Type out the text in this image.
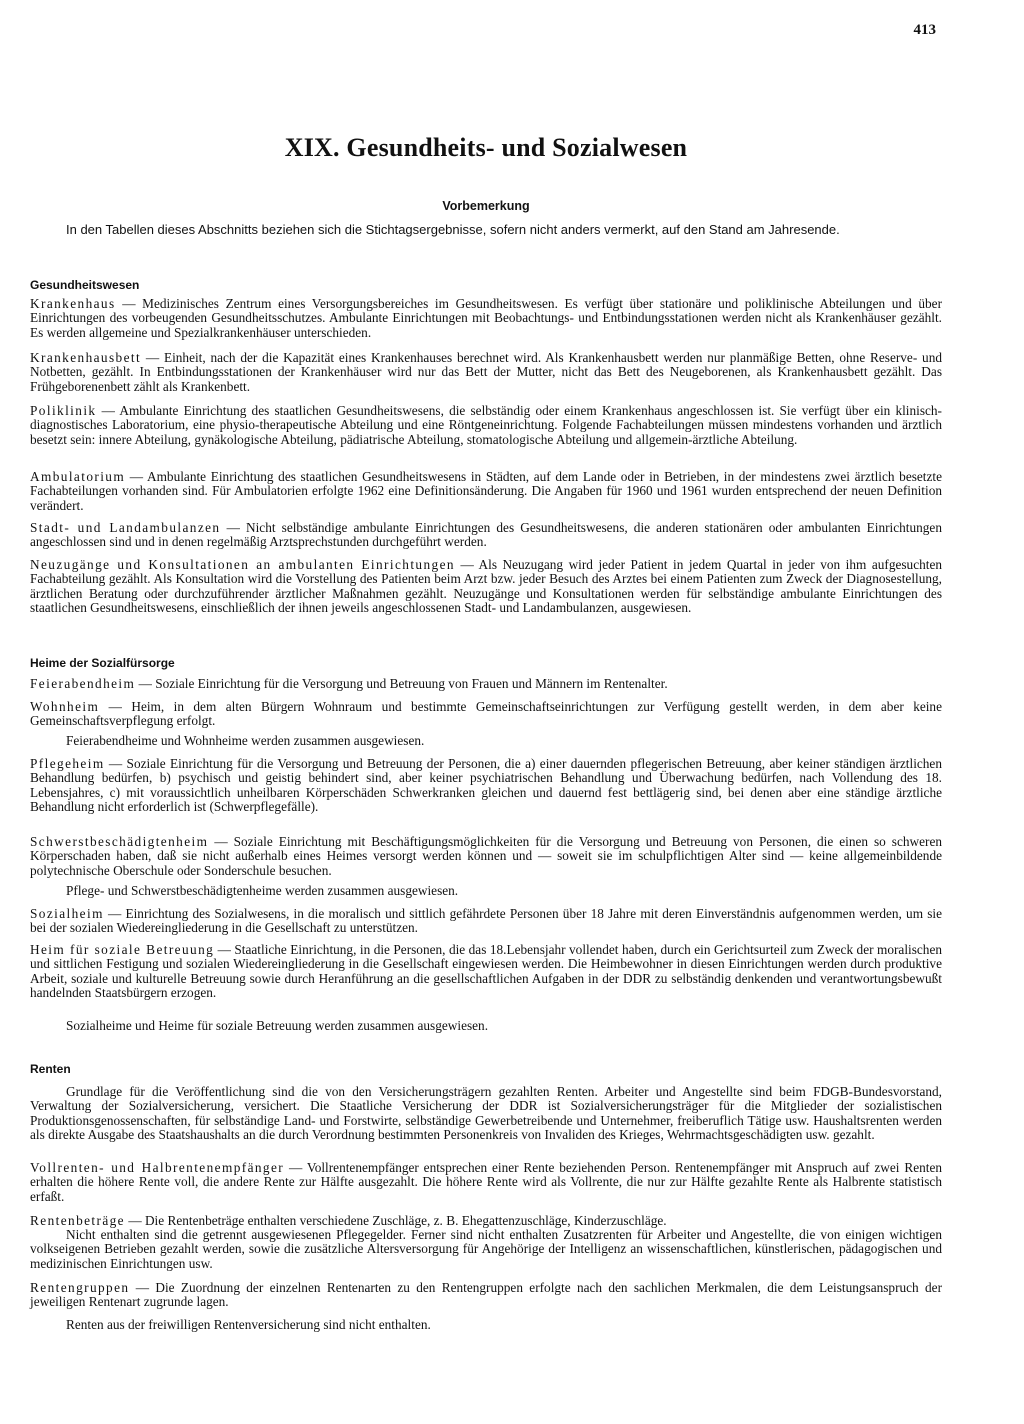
413
XIX. Gesundheits- und Sozialwesen
Vorbemerkung
In den Tabellen dieses Abschnitts beziehen sich die Stichtagsergebnisse, sofern nicht anders vermerkt, auf den Stand am Jahresende.
Gesundheitswesen
Krankenhaus — Medizinisches Zentrum eines Versorgungsbereiches im Gesundheitswesen. Es verfügt über stationäre und poliklinische Abteilungen und über Einrichtungen des vorbeugenden Gesundheitsschutzes. Ambulante Einrichtungen mit Beobachtungs- und Entbindungsstationen werden nicht als Krankenhäuser gezählt. Es werden allgemeine und Spezialkrankenhäuser unterschieden.
Krankenhausbett — Einheit, nach der die Kapazität eines Krankenhauses berechnet wird. Als Krankenhausbett werden nur planmäßige Betten, ohne Reserve- und Notbetten, gezählt. In Entbindungsstationen der Krankenhäuser wird nur das Bett der Mutter, nicht das Bett des Neugeborenen, als Krankenhausbett gezählt. Das Frühgeborenenbett zählt als Krankenbett.
Poliklinik — Ambulante Einrichtung des staatlichen Gesundheitswesens, die selbständig oder einem Krankenhaus angeschlossen ist. Sie verfügt über ein klinisch-diagnostisches Laboratorium, eine physio-therapeutische Abteilung und eine Röntgeneinrichtung. Folgende Fachabteilungen müssen mindestens vorhanden und ärztlich besetzt sein: innere Abteilung, gynäkologische Abteilung, pädiatrische Abteilung, stomatologische Abteilung und allgemein-ärztliche Abteilung.
Ambulatorium — Ambulante Einrichtung des staatlichen Gesundheitswesens in Städten, auf dem Lande oder in Betrieben, in der mindestens zwei ärztlich besetzte Fachabteilungen vorhanden sind. Für Ambulatorien erfolgte 1962 eine Definitionsänderung. Die Angaben für 1960 und 1961 wurden entsprechend der neuen Definition verändert.
Stadt- und Landambulanzen — Nicht selbständige ambulante Einrichtungen des Gesundheitswesens, die anderen stationären oder ambulanten Einrichtungen angeschlossen sind und in denen regelmäßig Arztsprechstunden durchgeführt werden.
Neuzugänge und Konsultationen an ambulanten Einrichtungen — Als Neuzugang wird jeder Patient in jedem Quartal in jeder von ihm aufgesuchten Fachabteilung gezählt. Als Konsultation wird die Vorstellung des Patienten beim Arzt bzw. jeder Besuch des Arztes bei einem Patienten zum Zweck der Diagnosestellung, ärztlichen Beratung oder durchzuführender ärztlicher Maßnahmen gezählt. Neuzugänge und Konsultationen werden für selbständige ambulante Einrichtungen des staatlichen Gesundheitswesens, einschließlich der ihnen jeweils angeschlossenen Stadt- und Landambulanzen, ausgewiesen.
Heime der Sozialfürsorge
Feierabendheim — Soziale Einrichtung für die Versorgung und Betreuung von Frauen und Männern im Rentenalter.
Wohnheim — Heim, in dem alten Bürgern Wohnraum und bestimmte Gemeinschaftseinrichtungen zur Verfügung gestellt werden, in dem aber keine Gemeinschaftsverpflegung erfolgt.
Feierabendheime und Wohnheime werden zusammen ausgewiesen.
Pflegeheim — Soziale Einrichtung für die Versorgung und Betreuung der Personen, die a) einer dauernden pflegerischen Betreuung, aber keiner ständigen ärztlichen Behandlung bedürfen, b) psychisch und geistig behindert sind, aber keiner psychiatrischen Behandlung und Überwachung bedürfen, nach Vollendung des 18. Lebensjahres, c) mit voraussichtlich unheilbaren Körperschäden Schwerkranken gleichen und dauernd fest bettlägerig sind, bei denen aber eine ständige ärztliche Behandlung nicht erforderlich ist (Schwerpflegefälle).
Schwerstbeschädigtenheim — Soziale Einrichtung mit Beschäftigungsmöglichkeiten für die Versorgung und Betreuung von Personen, die einen so schweren Körperschaden haben, daß sie nicht außerhalb eines Heimes versorgt werden können und — soweit sie im schulpflichtigen Alter sind — keine allgemeinbildende polytechnische Oberschule oder Sonderschule besuchen.
Pflege- und Schwerstbeschädigtenheime werden zusammen ausgewiesen.
Sozialheim — Einrichtung des Sozialwesens, in die moralisch und sittlich gefährdete Personen über 18 Jahre mit deren Einverständnis aufgenommen werden, um sie bei der sozialen Wiedereingliederung in die Gesellschaft zu unterstützen.
Heim für soziale Betreuung — Staatliche Einrichtung, in die Personen, die das 18.Lebensjahr vollendet haben, durch ein Gerichtsurteil zum Zweck der moralischen und sittlichen Festigung und sozialen Wiedereingliederung in die Gesellschaft eingewiesen werden. Die Heimbewohner in diesen Einrichtungen werden durch produktive Arbeit, soziale und kulturelle Betreuung sowie durch Heranführung an die gesellschaftlichen Aufgaben in der DDR zu selbständig denkenden und verantwortungsbewußt handelnden Staatsbürgern erzogen.
Sozialheime und Heime für soziale Betreuung werden zusammen ausgewiesen.
Renten
Grundlage für die Veröffentlichung sind die von den Versicherungsträgern gezahlten Renten. Arbeiter und Angestellte sind beim FDGB-Bundesvorstand, Verwaltung der Sozialversicherung, versichert. Die Staatliche Versicherung der DDR ist Sozialversicherungsträger für die Mitglieder der sozialistischen Produktionsgenossenschaften, für selbständige Land- und Forstwirte, selbständige Gewerbetreibende und Unternehmer, freiberuflich Tätige usw. Haushaltsrenten werden als direkte Ausgabe des Staatshaushalts an die durch Verordnung bestimmten Personenkreis von Invaliden des Krieges, Wehrmachtsgeschädigten usw. gezahlt.
Vollrenten- und Halbrentenempfänger — Vollrentenempfänger entsprechen einer Rente beziehenden Person. Rentenempfänger mit Anspruch auf zwei Renten erhalten die höhere Rente voll, die andere Rente zur Hälfte ausgezahlt. Die höhere Rente wird als Vollrente, die nur zur Hälfte gezahlte Rente als Halbrente statistisch erfaßt.
Rentenbeträge — Die Rentenbeträge enthalten verschiedene Zuschläge, z. B. Ehegattenzuschläge, Kinderzuschläge.
Nicht enthalten sind die getrennt ausgewiesenen Pflegegelder. Ferner sind nicht enthalten Zusatzrenten für Arbeiter und Angestellte, die von einigen wichtigen volkseigenen Betrieben gezahlt werden, sowie die zusätzliche Altersversorgung für Angehörige der Intelligenz an wissenschaftlichen, künstlerischen, pädagogischen und medizinischen Einrichtungen usw.
Rentengruppen — Die Zuordnung der einzelnen Rentenarten zu den Rentengruppen erfolgte nach den sachlichen Merkmalen, die dem Leistungsanspruch der jeweiligen Rentenart zugrunde lagen.
Renten aus der freiwilligen Rentenversicherung sind nicht enthalten.
